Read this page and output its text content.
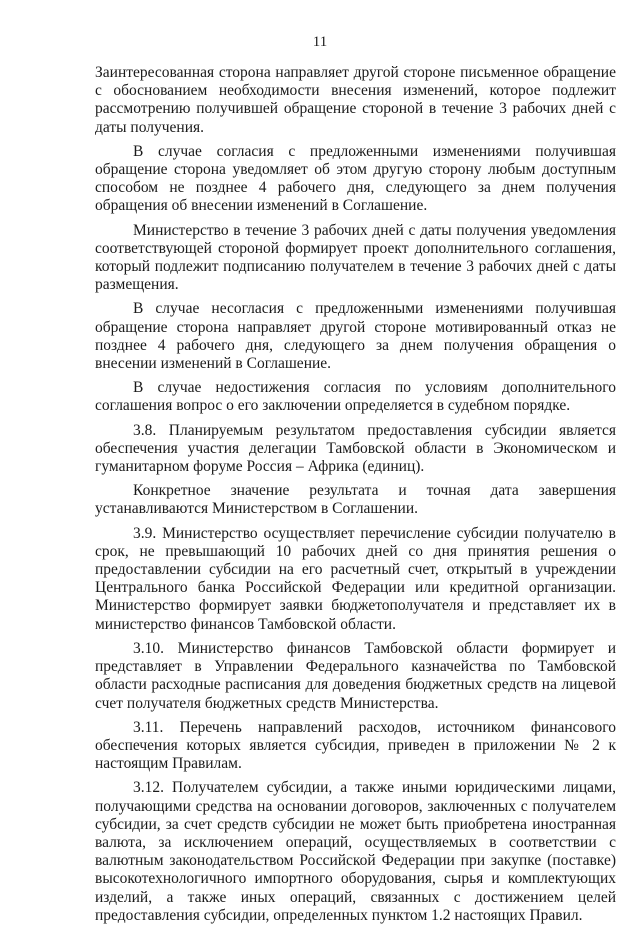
11

Заинтересованная сторона направляет другой стороне письменное обращение с обоснованием необходимости внесения изменений, которое подлежит рассмотрению получившей обращение стороной в течение 3 рабочих дней с даты получения.

В случае согласия с предложенными изменениями получившая обращение сторона уведомляет об этом другую сторону любым доступным способом не позднее 4 рабочего дня, следующего за днем получения обращения об внесении изменений в Соглашение.

Министерство в течение 3 рабочих дней с даты получения уведомления соответствующей стороной формирует проект дополнительного соглашения, который подлежит подписанию получателем в течение 3 рабочих дней с даты размещения.

В случае несогласия с предложенными изменениями получившая обращение сторона направляет другой стороне мотивированный отказ не позднее 4 рабочего дня, следующего за днем получения обращения о внесении изменений в Соглашение.

В случае недостижения согласия по условиям дополнительного соглашения вопрос о его заключении определяется в судебном порядке.

3.8. Планируемым результатом предоставления субсидии является обеспечения участия делегации Тамбовской области в Экономическом и гуманитарном форуме Россия – Африка (единиц).

Конкретное значение результата и точная дата завершения устанавливаются Министерством в Соглашении.

3.9. Министерство осуществляет перечисление субсидии получателю в срок, не превышающий 10 рабочих дней со дня принятия решения о предоставлении субсидии на его расчетный счет, открытый в учреждении Центрального банка Российской Федерации или кредитной организации. Министерство формирует заявки бюджетополучателя и представляет их в министерство финансов Тамбовской области.

3.10. Министерство финансов Тамбовской области формирует и представляет в Управлении Федерального казначейства по Тамбовской области расходные расписания для доведения бюджетных средств на лицевой счет получателя бюджетных средств Министерства.

3.11. Перечень направлений расходов, источником финансового обеспечения которых является субсидия, приведен в приложении № 2 к настоящим Правилам.

3.12. Получателем субсидии, а также иными юридическими лицами, получающими средства на основании договоров, заключенных с получателем субсидии, за счет средств субсидии не может быть приобретена иностранная валюта, за исключением операций, осуществляемых в соответствии с валютным законодательством Российской Федерации при закупке (поставке) высокотехнологичного импортного оборудования, сырья и комплектующих изделий, а также иных операций, связанных с достижением целей предоставления субсидии, определенных пунктом 1.2 настоящих Правил.
